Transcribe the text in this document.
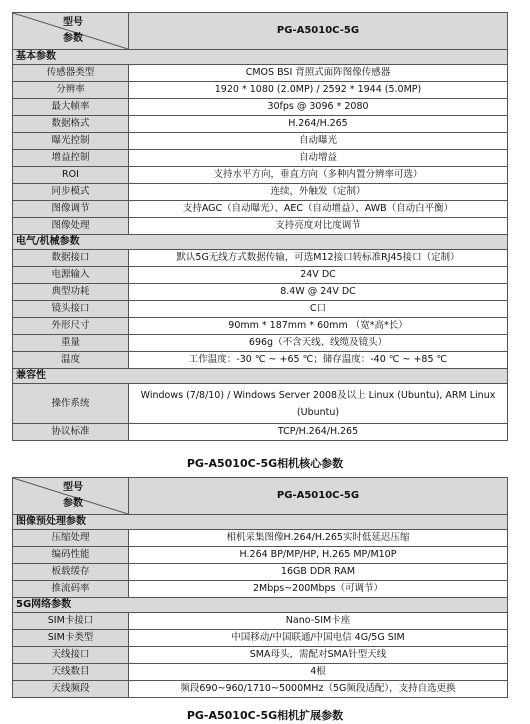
型号
参数	PG-A5010C-5G
基本参数	
传感器类型	CMOS BSI 背照式面阵图像传感器
分辨率	1920 * 1080 (2.0MP) / 2592 * 1944 (5.0MP)
最大帧率	30fps @ 3096 * 2080
数据格式	H.264/H.265
曝光控制	自动曝光
增益控制	自动增益
ROI	支持水平方向，垂直方向（多种内置分辨率可选）
同步模式	连续，外触发（定制）
图像调节	支持AGC（自动曝光）、AEC（自动增益）、AWB（自动白平衡）
图像处理	支持亮度对比度调节
电气/机械参数	
数据接口	默认5G无线方式数据传输，可选M12接口转标准RJ45接口（定制）
电源输入	24V DC
典型功耗	8.4W @ 24V DC
镜头接口	C口
外形尺寸	90mm * 187mm * 60mm （宽*高*长）
重量	696g（不含天线、线缆及镜头）
温度	工作温度：-30 ℃ ~ +65 ℃；储存温度：-40 ℃ ~ +85 ℃
兼容性	
操作系统	Windows (7/8/10) / Windows Server 2008及以上 Linux (Ubuntu), ARM Linux (Ubuntu)
协议标准	TCP/H.264/H.265
PG-A5010C-5G相机核心参数
型号
参数	PG-A5010C-5G
图像预处理参数	
压缩处理	相机采集图像H.264/H.265实时低延迟压缩
编码性能	H.264 BP/MP/HP, H.265 MP/M10P
板载缓存	16GB DDR RAM
推流码率	2Mbps~200Mbps（可调节）
5G网络参数	
SIM卡接口	Nano-SIM卡座
SIM卡类型	中国移动/中国联通/中国电信 4G/5G SIM
天线接口	SMA母头，需配对SMA针型天线
天线数目	4根
天线频段	频段690~960/1710~5000MHz（5G频段适配），支持自选更换
PG-A5010C-5G相机扩展参数
